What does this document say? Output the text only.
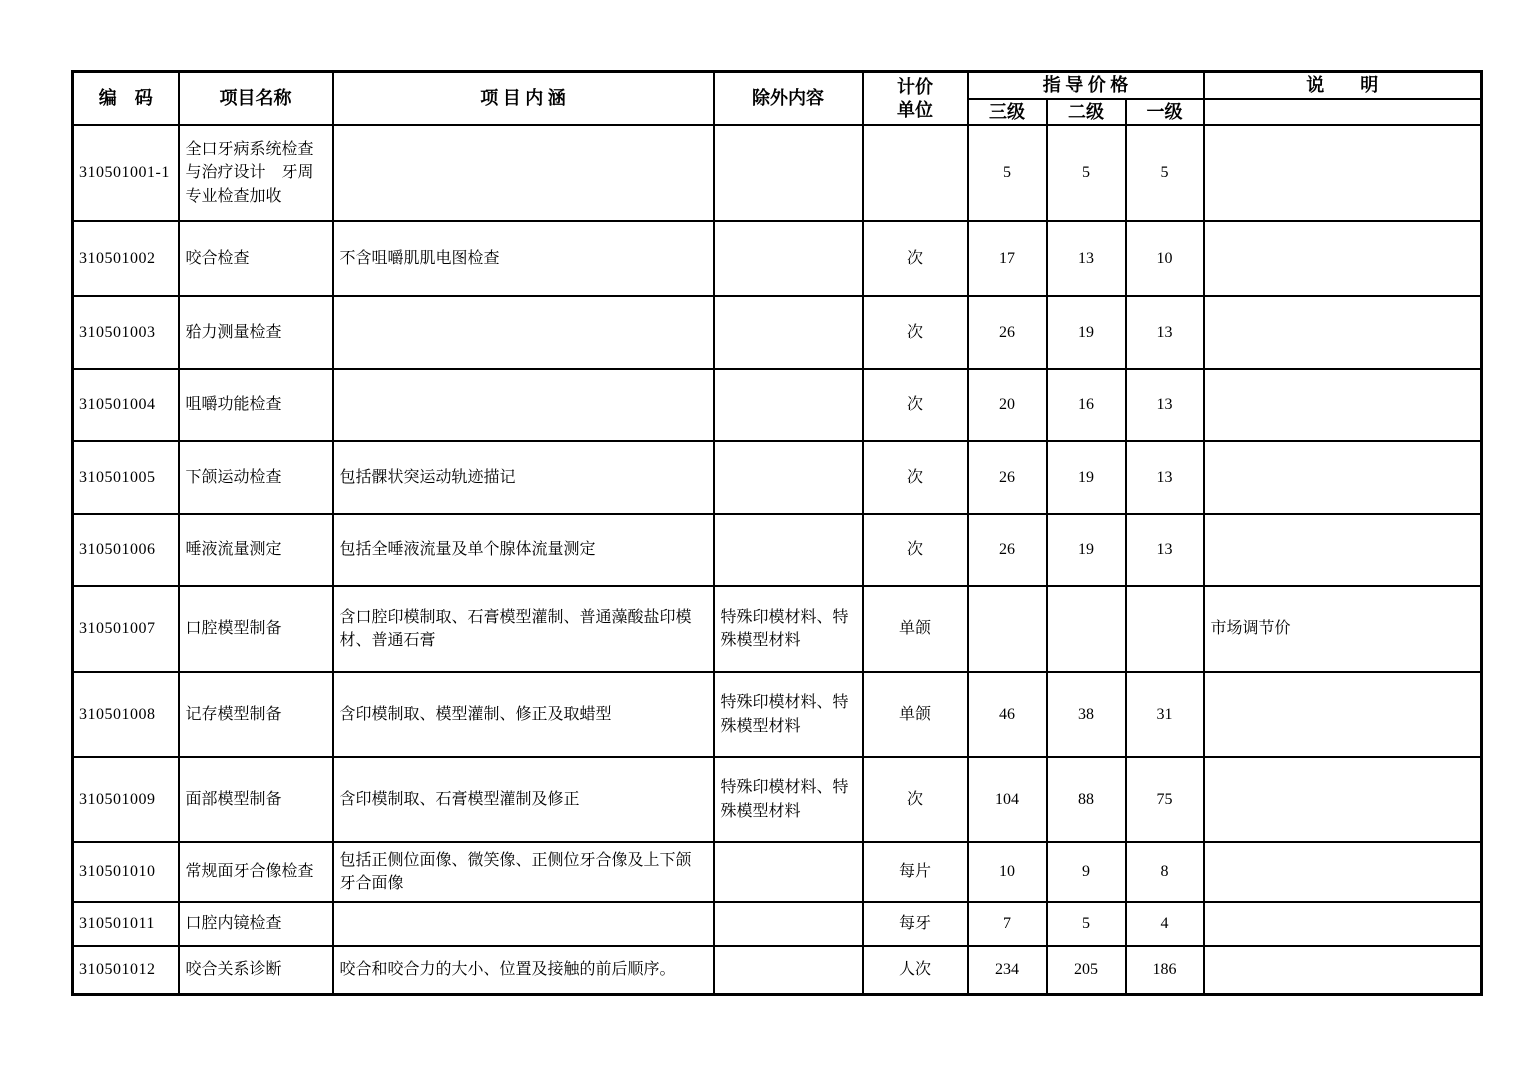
编　码	项目名称	项 目 内 涵	除外内容	计价
单位	指 导 价 格			说　　明
					三级	二级	一级	
310501001-1	全口牙病系统检查与治疗设计　牙周专业检查加收				5	5	5	
310501002	咬合检查	不含咀嚼肌肌电图检查		次	17	13	10	
310501003	𬌗力测量检查			次	26	19	13	
310501004	咀嚼功能检查			次	20	16	13	
310501005	下颌运动检查	包括髁状突运动轨迹描记		次	26	19	13	
310501006	唾液流量测定	包括全唾液流量及单个腺体流量测定		次	26	19	13	
310501007	口腔模型制备	含口腔印模制取、石膏模型灌制、普通藻酸盐印模材、普通石膏	特殊印模材料、特殊模型材料	单颌				市场调节价
310501008	记存模型制备	含印模制取、模型灌制、修正及取蜡型	特殊印模材料、特殊模型材料	单颌	46	38	31	
310501009	面部模型制备	含印模制取、石膏模型灌制及修正	特殊印模材料、特殊模型材料	次	104	88	75	
310501010	常规面牙合像检查	包括正侧位面像、微笑像、正侧位牙合像及上下颌牙合面像		每片	10	9	8	
310501011	口腔内镜检查			每牙	7	5	4	
310501012	咬合关系诊断	咬合和咬合力的大小、位置及接触的前后顺序。		人次	234	205	186	
